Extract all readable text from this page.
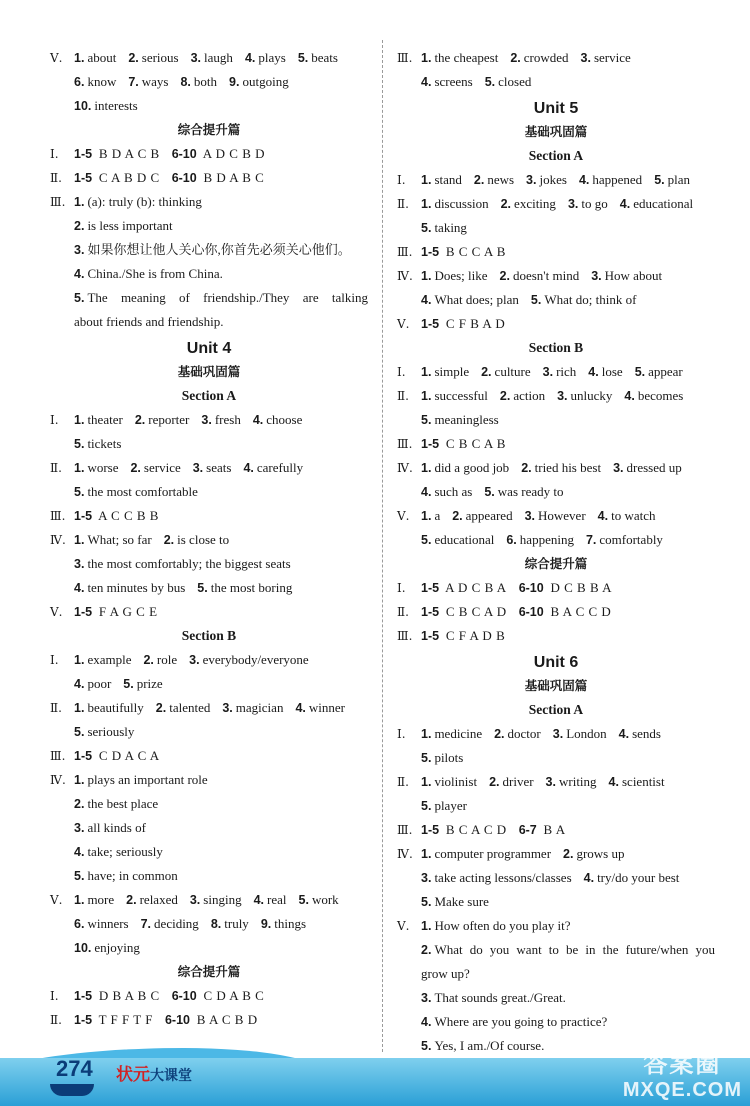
Ⅴ. 1. about 2. serious 3. laugh 4. plays 5. beats
6. know 7. ways 8. both 9. outgoing
10. interests
综合提升篇
Ⅰ. 1-5 B D A C B 6-10 A D C B D
Ⅱ. 1-5 C A B D C 6-10 B D A B C
Ⅲ. 1. (a): truly (b): thinking
2. is less important
3. 如果你想让他人关心你,你首先必须关心他们。
4. China./She is from China.
5. The meaning of friendship./They are talking
about friends and friendship.
Unit 4
基础巩固篇
Section A
Ⅰ. 1. theater 2. reporter 3. fresh 4. choose
5. tickets
Ⅱ. 1. worse 2. service 3. seats 4. carefully
5. the most comfortable
Ⅲ. 1-5 A C C B B
Ⅳ. 1. What; so far 2. is close to
3. the most comfortably; the biggest seats
4. ten minutes by bus 5. the most boring
Ⅴ. 1-5 F A G C E
Section B
Ⅰ. 1. example 2. role 3. everybody/everyone
4. poor 5. prize
Ⅱ. 1. beautifully 2. talented 3. magician 4. winner
5. seriously
Ⅲ. 1-5 C D A C A
Ⅳ. 1. plays an important role
2. the best place
3. all kinds of
4. take; seriously
5. have; in common
Ⅴ. 1. more 2. relaxed 3. singing 4. real 5. work
6. winners 7. deciding 8. truly 9. things
10. enjoying
综合提升篇
Ⅰ. 1-5 D B A B C 6-10 C D A B C
Ⅱ. 1-5 T F F T F 6-10 B A C B D
Ⅲ. 1. the cheapest 2. crowded 3. service
4. screens 5. closed
Unit 5
基础巩固篇
Section A
Ⅰ. 1. stand 2. news 3. jokes 4. happened 5. plan
Ⅱ. 1. discussion 2. exciting 3. to go 4. educational
5. taking
Ⅲ. 1-5 B C C A B
Ⅳ. 1. Does; like 2. doesn't mind 3. How about
4. What does; plan 5. What do; think of
Ⅴ. 1-5 C F B A D
Section B
Ⅰ. 1. simple 2. culture 3. rich 4. lose 5. appear
Ⅱ. 1. successful 2. action 3. unlucky 4. becomes
5. meaningless
Ⅲ. 1-5 C B C A B
Ⅳ. 1. did a good job 2. tried his best 3. dressed up
4. such as 5. was ready to
Ⅴ. 1. a 2. appeared 3. However 4. to watch
5. educational 6. happening 7. comfortably
综合提升篇
Ⅰ. 1-5 A D C B A 6-10 D C B B A
Ⅱ. 1-5 C B C A D 6-10 B A C C D
Ⅲ. 1-5 C F A D B
Unit 6
基础巩固篇
Section A
Ⅰ. 1. medicine 2. doctor 3. London 4. sends
5. pilots
Ⅱ. 1. violinist 2. driver 3. writing 4. scientist
5. player
Ⅲ. 1-5 B C A C D 6-7 B A
Ⅳ. 1. computer programmer 2. grows up
3. take acting lessons/classes 4. try/do your best
5. Make sure
Ⅴ. 1. How often do you play it?
2. What do you want to be in the future/when you
grow up?
3. That sounds great./Great.
4. Where are you going to practice?
5. Yes, I am./Of course.
274 状元大课堂	答案圈
MXQE.COM
